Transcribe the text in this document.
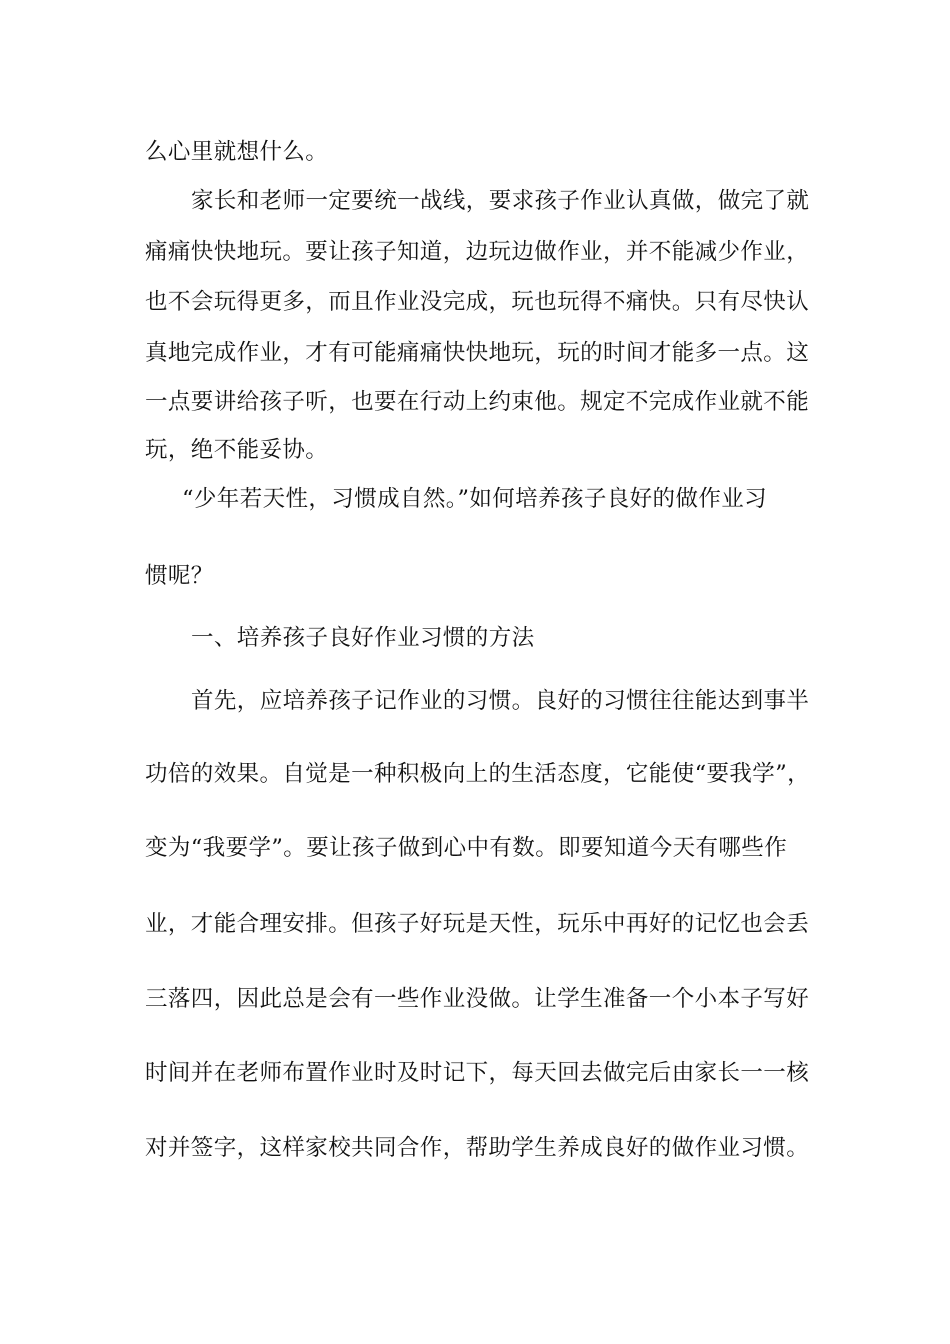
么心里就想什么。
家长和老师一定要统一战线，要求孩子作业认真做，做完了就
痛痛快快地玩。要让孩子知道，边玩边做作业，并不能减少作业，
也不会玩得更多，而且作业没完成，玩也玩得不痛快。只有尽快认
真地完成作业，才有可能痛痛快快地玩，玩的时间才能多一点。这
一点要讲给孩子听，也要在行动上约束他。规定不完成作业就不能
玩，绝不能妥协。
“少年若天性，习惯成自然。”如何培养孩子良好的做作业习
惯呢？
一、培养孩子良好作业习惯的方法
首先，应培养孩子记作业的习惯。良好的习惯往往能达到事半
功倍的效果。自觉是一种积极向上的生活态度，它能使“要我学”，
变为“我要学”。要让孩子做到心中有数。即要知道今天有哪些作
业，才能合理安排。但孩子好玩是天性，玩乐中再好的记忆也会丢
三落四，因此总是会有一些作业没做。让学生准备一个小本子写好
时间并在老师布置作业时及时记下，每天回去做完后由家长一一核
对并签字，这样家校共同合作，帮助学生养成良好的做作业习惯。
